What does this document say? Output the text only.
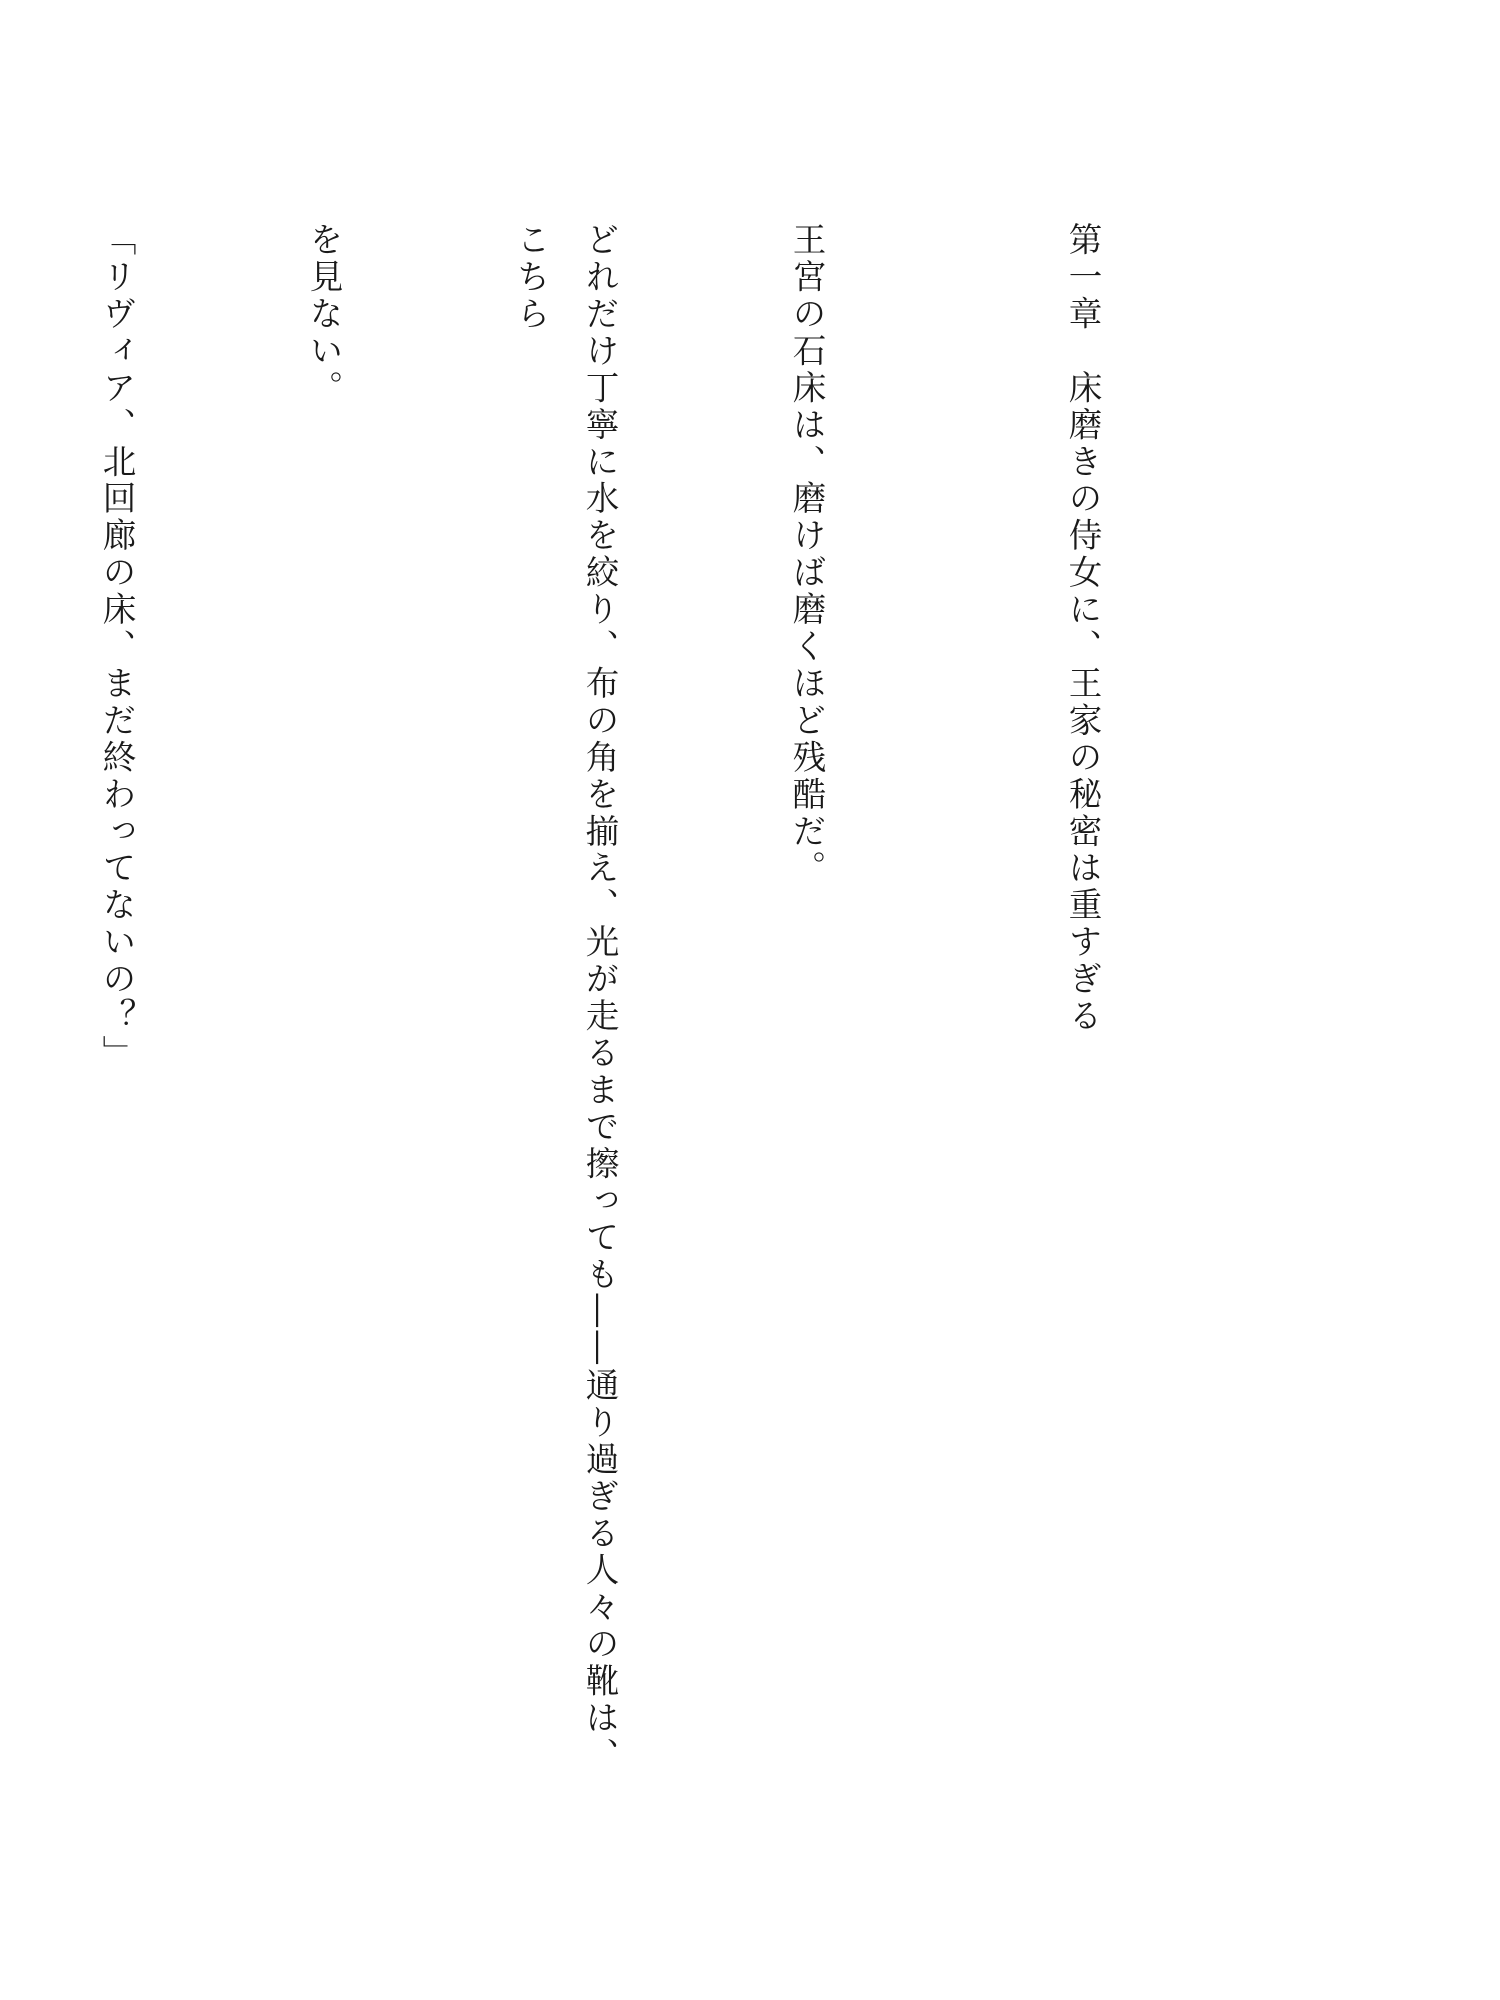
第一章　床磨きの侍女に、王家の秘密は重すぎる

王宮の石床は、磨けば磨くほど残酷だ。

どれだけ丁寧に水を絞り、布の角を揃え、光が走るまで擦っても――通り過ぎる人々の靴は、こちら

を見ない。

「リヴィア、北回廊の床、まだ終わってないの？」
